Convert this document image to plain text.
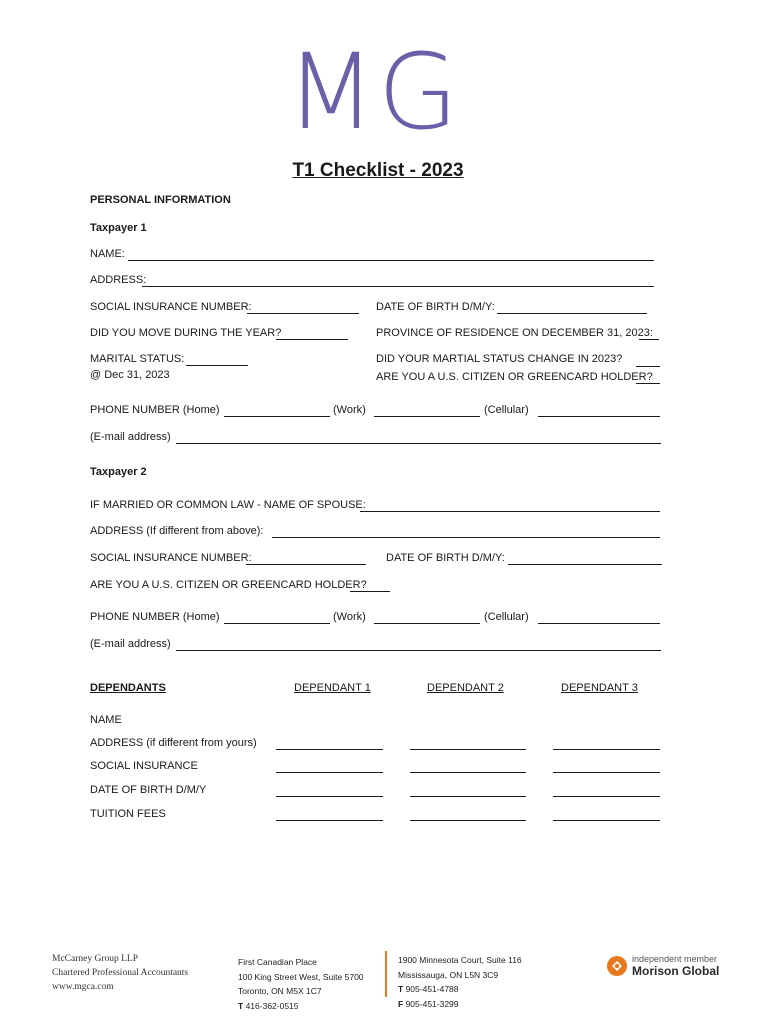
MG
T1 Checklist - 2023
PERSONAL INFORMATION
Taxpayer 1
NAME:
ADDRESS:
SOCIAL INSURANCE NUMBER:	DATE OF BIRTH D/M/Y:
DID YOU MOVE DURING THE YEAR?	PROVINCE OF RESIDENCE ON DECEMBER 31, 2023:
MARITAL STATUS:
@ Dec 31, 2023
DID YOUR MARTIAL STATUS CHANGE IN 2023?
ARE YOU A U.S. CITIZEN OR GREENCARD HOLDER?
PHONE NUMBER (Home)	(Work)	(Cellular)
(E-mail address)
Taxpayer 2
IF MARRIED OR COMMON LAW - NAME OF SPOUSE:
ADDRESS (If different from above):
SOCIAL INSURANCE NUMBER:	DATE OF BIRTH D/M/Y:
ARE YOU A U.S. CITIZEN OR GREENCARD HOLDER?
PHONE NUMBER (Home)	(Work)	(Cellular)
(E-mail address)
DEPENDANTS	DEPENDANT 1	DEPENDANT 2	DEPENDANT 3
NAME
ADDRESS (if different from yours)
SOCIAL INSURANCE
DATE OF BIRTH D/M/Y
TUITION FEES
McCarney Group LLP
Chartered Professional Accountants
www.mgca.com
First Canadian Place
100 King Street West, Suite 5700
Toronto, ON M5X 1C7
T 416-362-0515
1900 Minnesota Court, Suite 116
Mississauga, ON L5N 3C9
T 905-451-4788
F 905-451-3299
independent member
Morison Global
